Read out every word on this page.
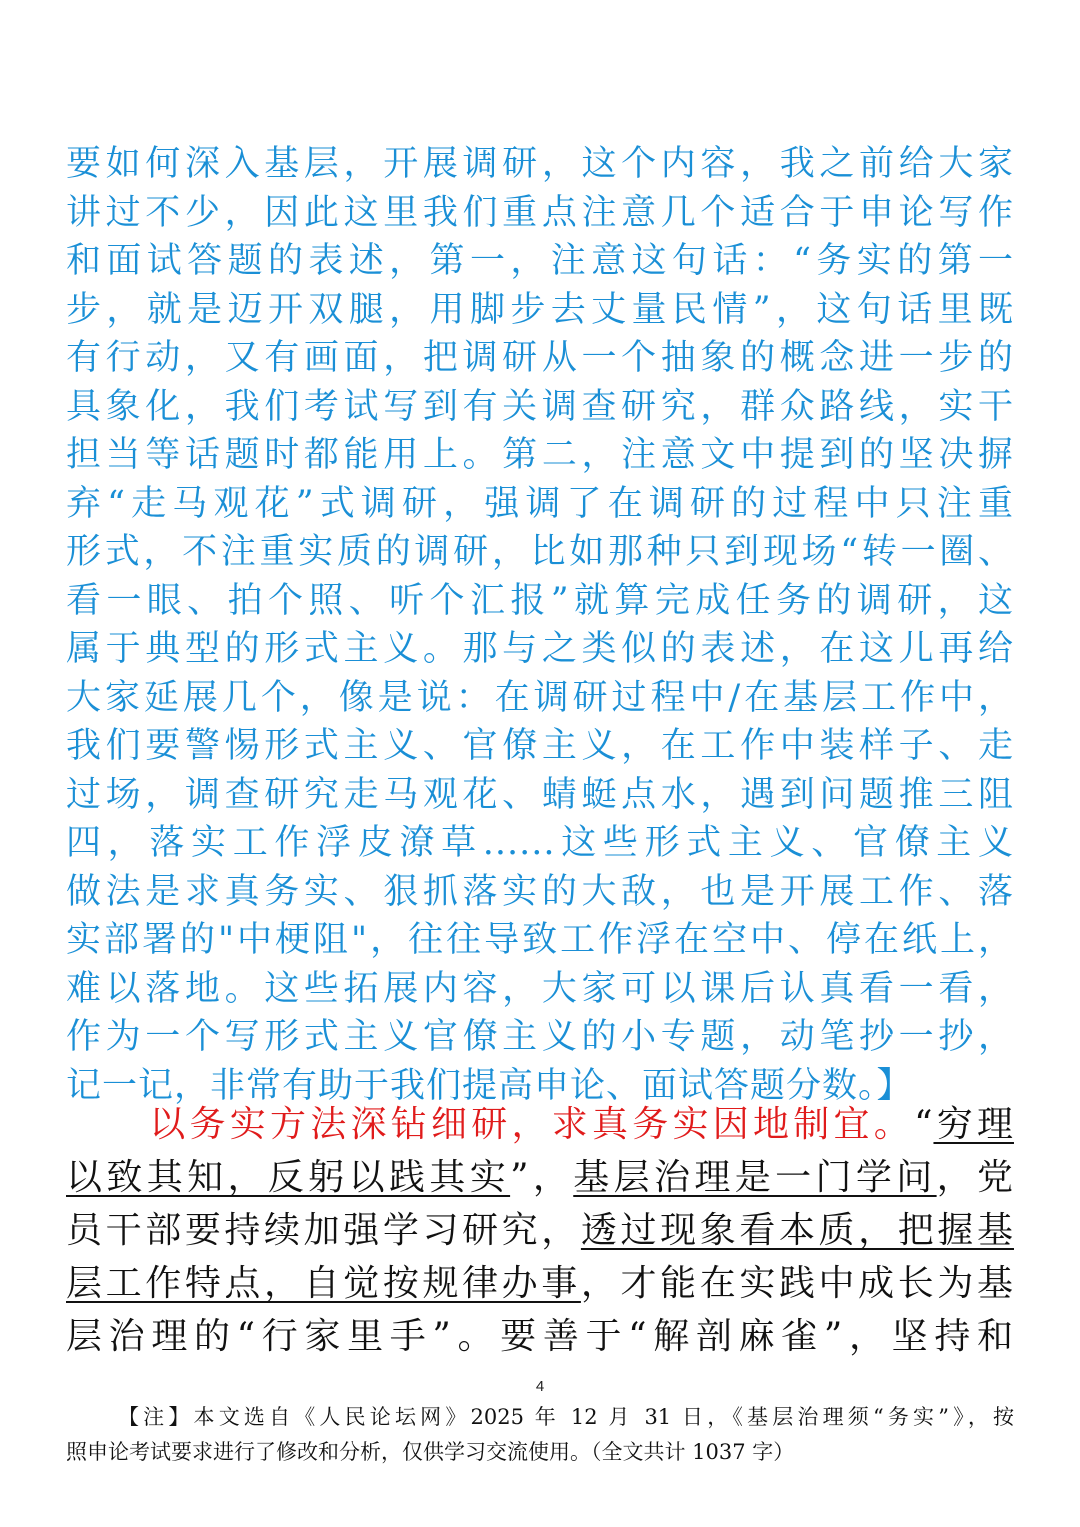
要如何深入基层，开展调研，这个内容，我之前给大家
讲过不少，因此这里我们重点注意几个适合于申论写作
和面试答题的表述，第一，注意这句话：“务实的第一
步，就是迈开双腿，用脚步去丈量民情”，这句话里既
有行动，又有画面，把调研从一个抽象的概念进一步的
具象化，我们考试写到有关调查研究，群众路线，实干
担当等话题时都能用上。第二，注意文中提到的坚决摒
弃“走马观花”式调研，强调了在调研的过程中只注重
形式，不注重实质的调研，比如那种只到现场“转一圈、
看一眼、拍个照、听个汇报”就算完成任务的调研，这
属于典型的形式主义。那与之类似的表述，在这儿再给
大家延展几个，像是说：在调研过程中/在基层工作中，
我们要警惕形式主义、官僚主义，在工作中装样子、走
过场，调查研究走马观花、蜻蜓点水，遇到问题推三阻
四，落实工作浮皮潦草......这些形式主义、官僚主义
做法是求真务实、狠抓落实的大敌，也是开展工作、落
实部署的"中梗阻"，往往导致工作浮在空中、停在纸上，
难以落地。这些拓展内容，大家可以课后认真看一看，
作为一个写形式主义官僚主义的小专题，动笔抄一抄，
记一记，非常有助于我们提高申论、面试答题分数。】
以务实方法深钻细研，求真务实因地制宜。“穷理
以致其知，反躬以践其实”，基层治理是一门学问，党
员干部要持续加强学习研究，透过现象看本质，把握基
层工作特点，自觉按规律办事，才能在实践中成长为基
层治理的“行家里手”。要善于“解剖麻雀”，坚持和
4
【注】本文选自《人民论坛网》2025 年 12 月 31 日，《基层治理须“务实”》，按
照申论考试要求进行了修改和分析，仅供学习交流使用。（全文共计 1037 字）
